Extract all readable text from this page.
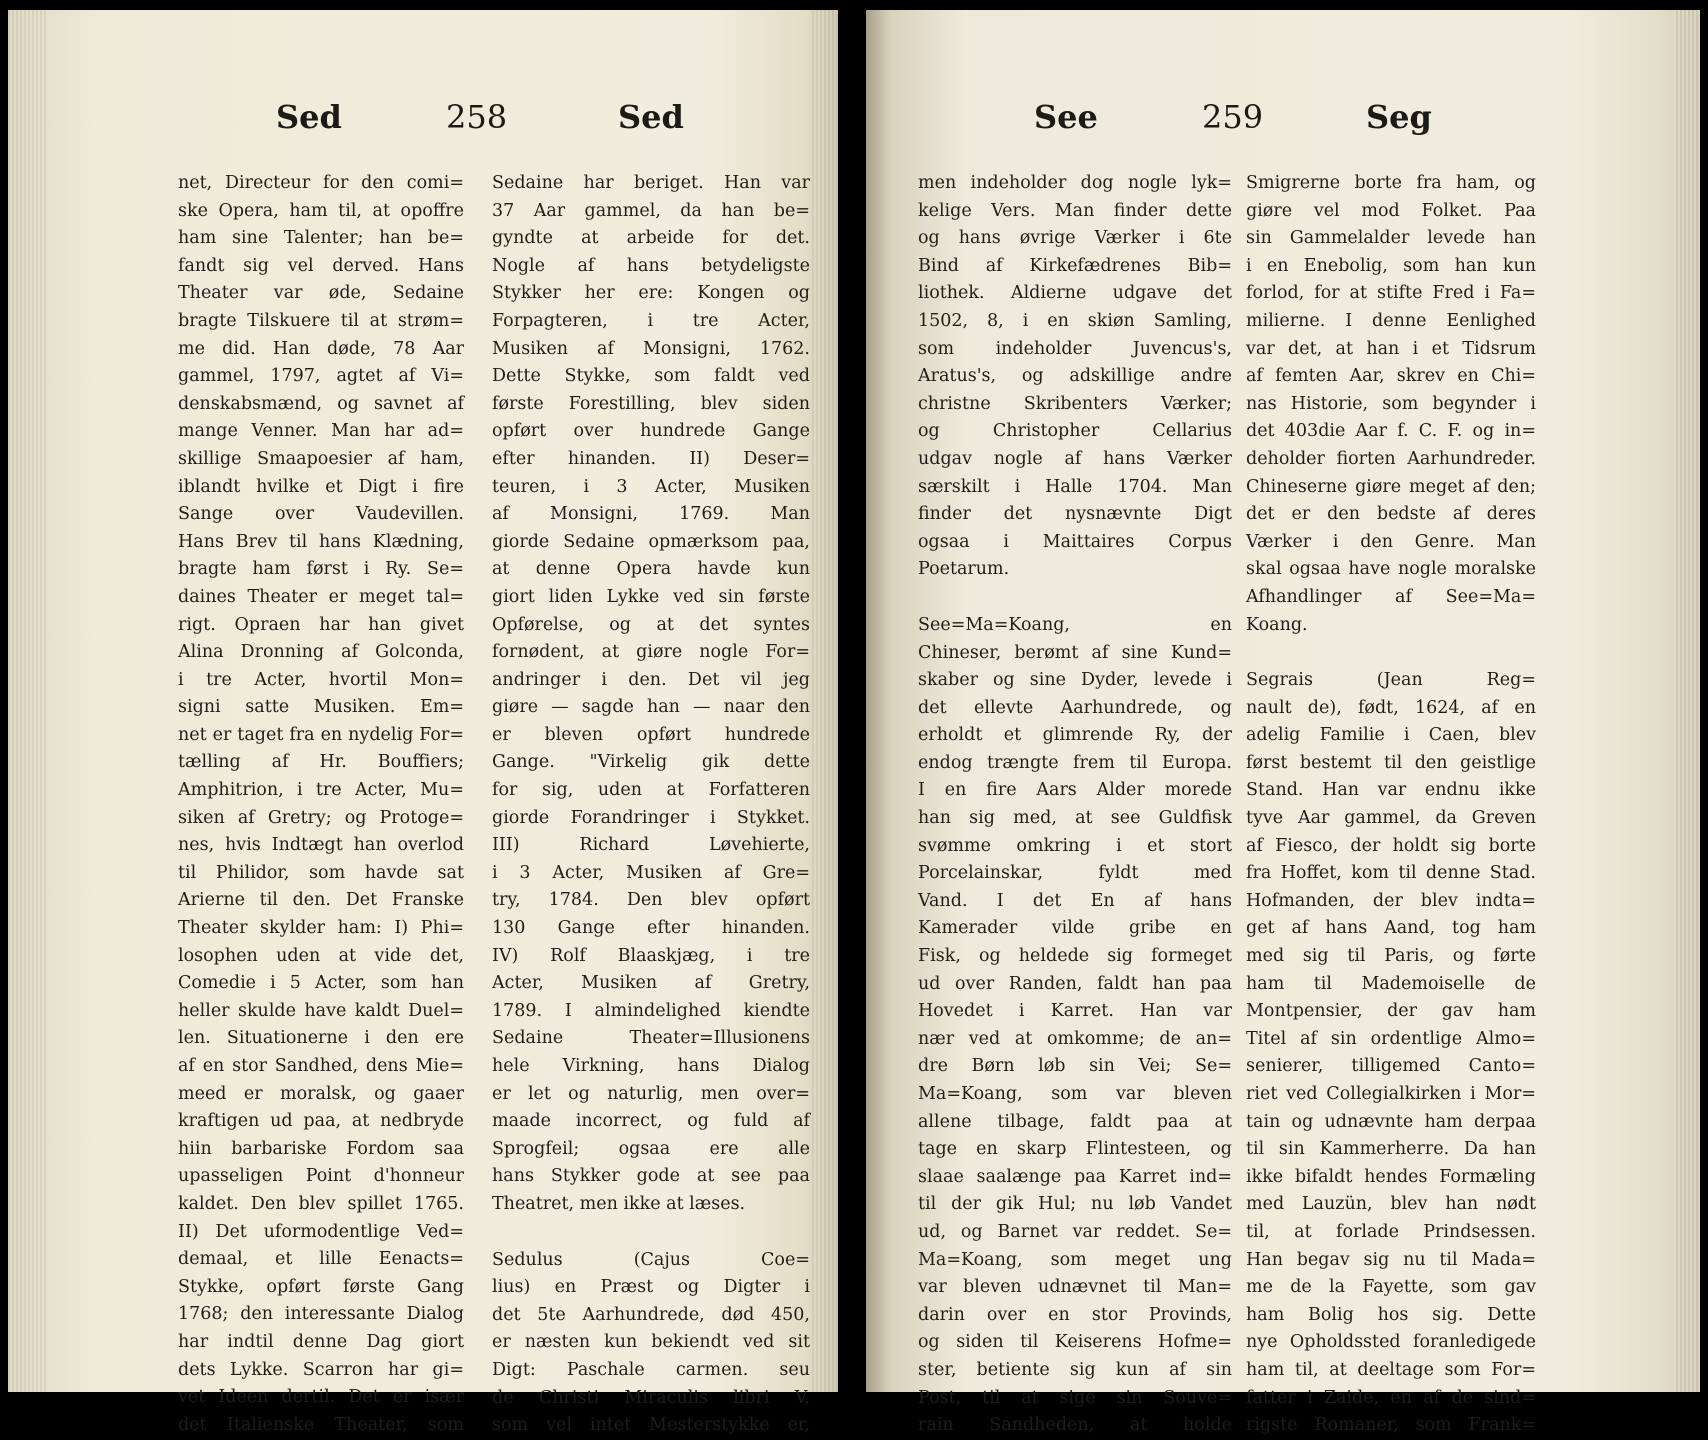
Sed	258	Sed
net, Directeur for den comi=
ske Opera, ham til, at opoffre
ham sine Talenter; han be=
fandt sig vel derved. Hans
Theater var øde, Sedaine
bragte Tilskuere til at strøm=
me did. Han døde, 78 Aar
gammel, 1797, agtet af Vi=
denskabsmænd, og savnet af
mange Venner. Man har ad=
skillige Smaapoesier af ham,
iblandt hvilke et Digt i fire
Sange over Vaudevillen.
Hans Brev til hans Klædning,
bragte ham først i Ry. Se=
daines Theater er meget tal=
rigt. Opraen har han givet
Alina Dronning af Golconda,
i tre Acter, hvortil Mon=
signi satte Musiken. Em=
net er taget fra en nydelig For=
tælling af Hr. Bouffiers;
Amphitrion, i tre Acter, Mu=
siken af Gretry; og Protoge=
nes, hvis Indtægt han overlod
til Philidor, som havde sat
Arierne til den. Det Franske
Theater skylder ham: I) Phi=
losophen uden at vide det,
Comedie i 5 Acter, som han
heller skulde have kaldt Duel=
len. Situationerne i den ere
af en stor Sandhed, dens Mie=
meed er moralsk, og gaaer
kraftigen ud paa, at nedbryde
hiin barbariske Fordom saa
upasseligen Point d'honneur
kaldet. Den blev spillet 1765.
II) Det uformodentlige Ved=
demaal, et lille Eenacts=
Stykke, opført første Gang
1768; den interessante Dialog
har indtil denne Dag giort
dets Lykke. Scarron har gi=
vet Ideen dertil. Det er især
det Italienske Theater, som
Sedaine har beriget. Han var
37 Aar gammel, da han be=
gyndte at arbeide for det.
Nogle af hans betydeligste
Stykker her ere: Kongen og
Forpagteren, i tre Acter,
Musiken af Monsigni, 1762.
Dette Stykke, som faldt ved
første Forestilling, blev siden
opført over hundrede Gange
efter hinanden. II) Deser=
teuren, i 3 Acter, Musiken
af Monsigni, 1769. Man
giorde Sedaine opmærksom paa,
at denne Opera havde kun
giort liden Lykke ved sin første
Opførelse, og at det syntes
fornødent, at giøre nogle For=
andringer i den. Det vil jeg
giøre — sagde han — naar den
er bleven opført hundrede
Gange. "Virkelig gik dette
for sig, uden at Forfatteren
giorde Forandringer i Stykket.
III) Richard Løvehierte,
i 3 Acter, Musiken af Gre=
try, 1784. Den blev opført
130 Gange efter hinanden.
IV) Rolf Blaaskjæg, i tre
Acter, Musiken af Gretry,
1789. I almindelighed kiendte
Sedaine Theater=Illusionens
hele Virkning, hans Dialog
er let og naturlig, men over=
maade incorrect, og fuld af
Sprogfeil; ogsaa ere alle
hans Stykker gode at see paa
Theatret, men ikke at læses.
Sedulus (Cajus Coe=
lius) en Præst og Digter i
det 5te Aarhundrede, død 450,
er næsten kun bekiendt ved sit
Digt: Paschale carmen. seu
de Christi Miraculis libri V,
som vel intet Mesterstykke er,
See	259	Seg
men indeholder dog nogle lyk=
kelige Vers. Man finder dette
og hans øvrige Værker i 6te
Bind af Kirkefædrenes Bib=
liothek. Aldierne udgave det
1502, 8, i en skiøn Samling,
som indeholder Juvencus's,
Aratus's, og adskillige andre
christne Skribenters Værker;
og Christopher Cellarius
udgav nogle af hans Værker
særskilt i Halle 1704. Man
finder det nysnævnte Digt
ogsaa i Maittaires Corpus
Poetarum.
See=Ma=Koang, en
Chineser, berømt af sine Kund=
skaber og sine Dyder, levede i
det ellevte Aarhundrede, og
erholdt et glimrende Ry, der
endog trængte frem til Europa.
I en fire Aars Alder morede
han sig med, at see Guldfisk
svømme omkring i et stort
Porcelainskar, fyldt med
Vand. I det En af hans
Kamerader vilde gribe en
Fisk, og heldede sig formeget
ud over Randen, faldt han paa
Hovedet i Karret. Han var
nær ved at omkomme; de an=
dre Børn løb sin Vei; Se=
Ma=Koang, som var bleven
allene tilbage, faldt paa at
tage en skarp Flintesteen, og
slaae saalænge paa Karret ind=
til der gik Hul; nu løb Vandet
ud, og Barnet var reddet. Se=
Ma=Koang, som meget ung
var bleven udnævnet til Man=
darin over en stor Provinds,
og siden til Keiserens Hofme=
ster, betiente sig kun af sin
Post, til at sige sin Souve=
rain Sandheden, at holde
Smigrerne borte fra ham, og
giøre vel mod Folket. Paa
sin Gammelalder levede han
i en Enebolig, som han kun
forlod, for at stifte Fred i Fa=
milierne. I denne Eenlighed
var det, at han i et Tidsrum
af femten Aar, skrev en Chi=
nas Historie, som begynder i
det 403die Aar f. C. F. og in=
deholder fiorten Aarhundreder.
Chineserne giøre meget af den;
det er den bedste af deres
Værker i den Genre. Man
skal ogsaa have nogle moralske
Afhandlinger af See=Ma=
Koang.
Segrais (Jean Reg=
nault de), født, 1624, af en
adelig Familie i Caen, blev
først bestemt til den geistlige
Stand. Han var endnu ikke
tyve Aar gammel, da Greven
af Fiesco, der holdt sig borte
fra Hoffet, kom til denne Stad.
Hofmanden, der blev indta=
get af hans Aand, tog ham
med sig til Paris, og førte
ham til Mademoiselle de
Montpensier, der gav ham
Titel af sin ordentlige Almo=
senierer, tilligemed Canto=
riet ved Collegialkirken i Mor=
tain og udnævnte ham derpaa
til sin Kammerherre. Da han
ikke bifaldt hendes Formæling
med Lauzün, blev han nødt
til, at forlade Prindsessen.
Han begav sig nu til Mada=
me de la Fayette, som gav
ham Bolig hos sig. Dette
nye Opholdssted foranledigede
ham til, at deeltage som For=
fatter i Zaide, en af de sind=
rigste Romaner, som Frank=
